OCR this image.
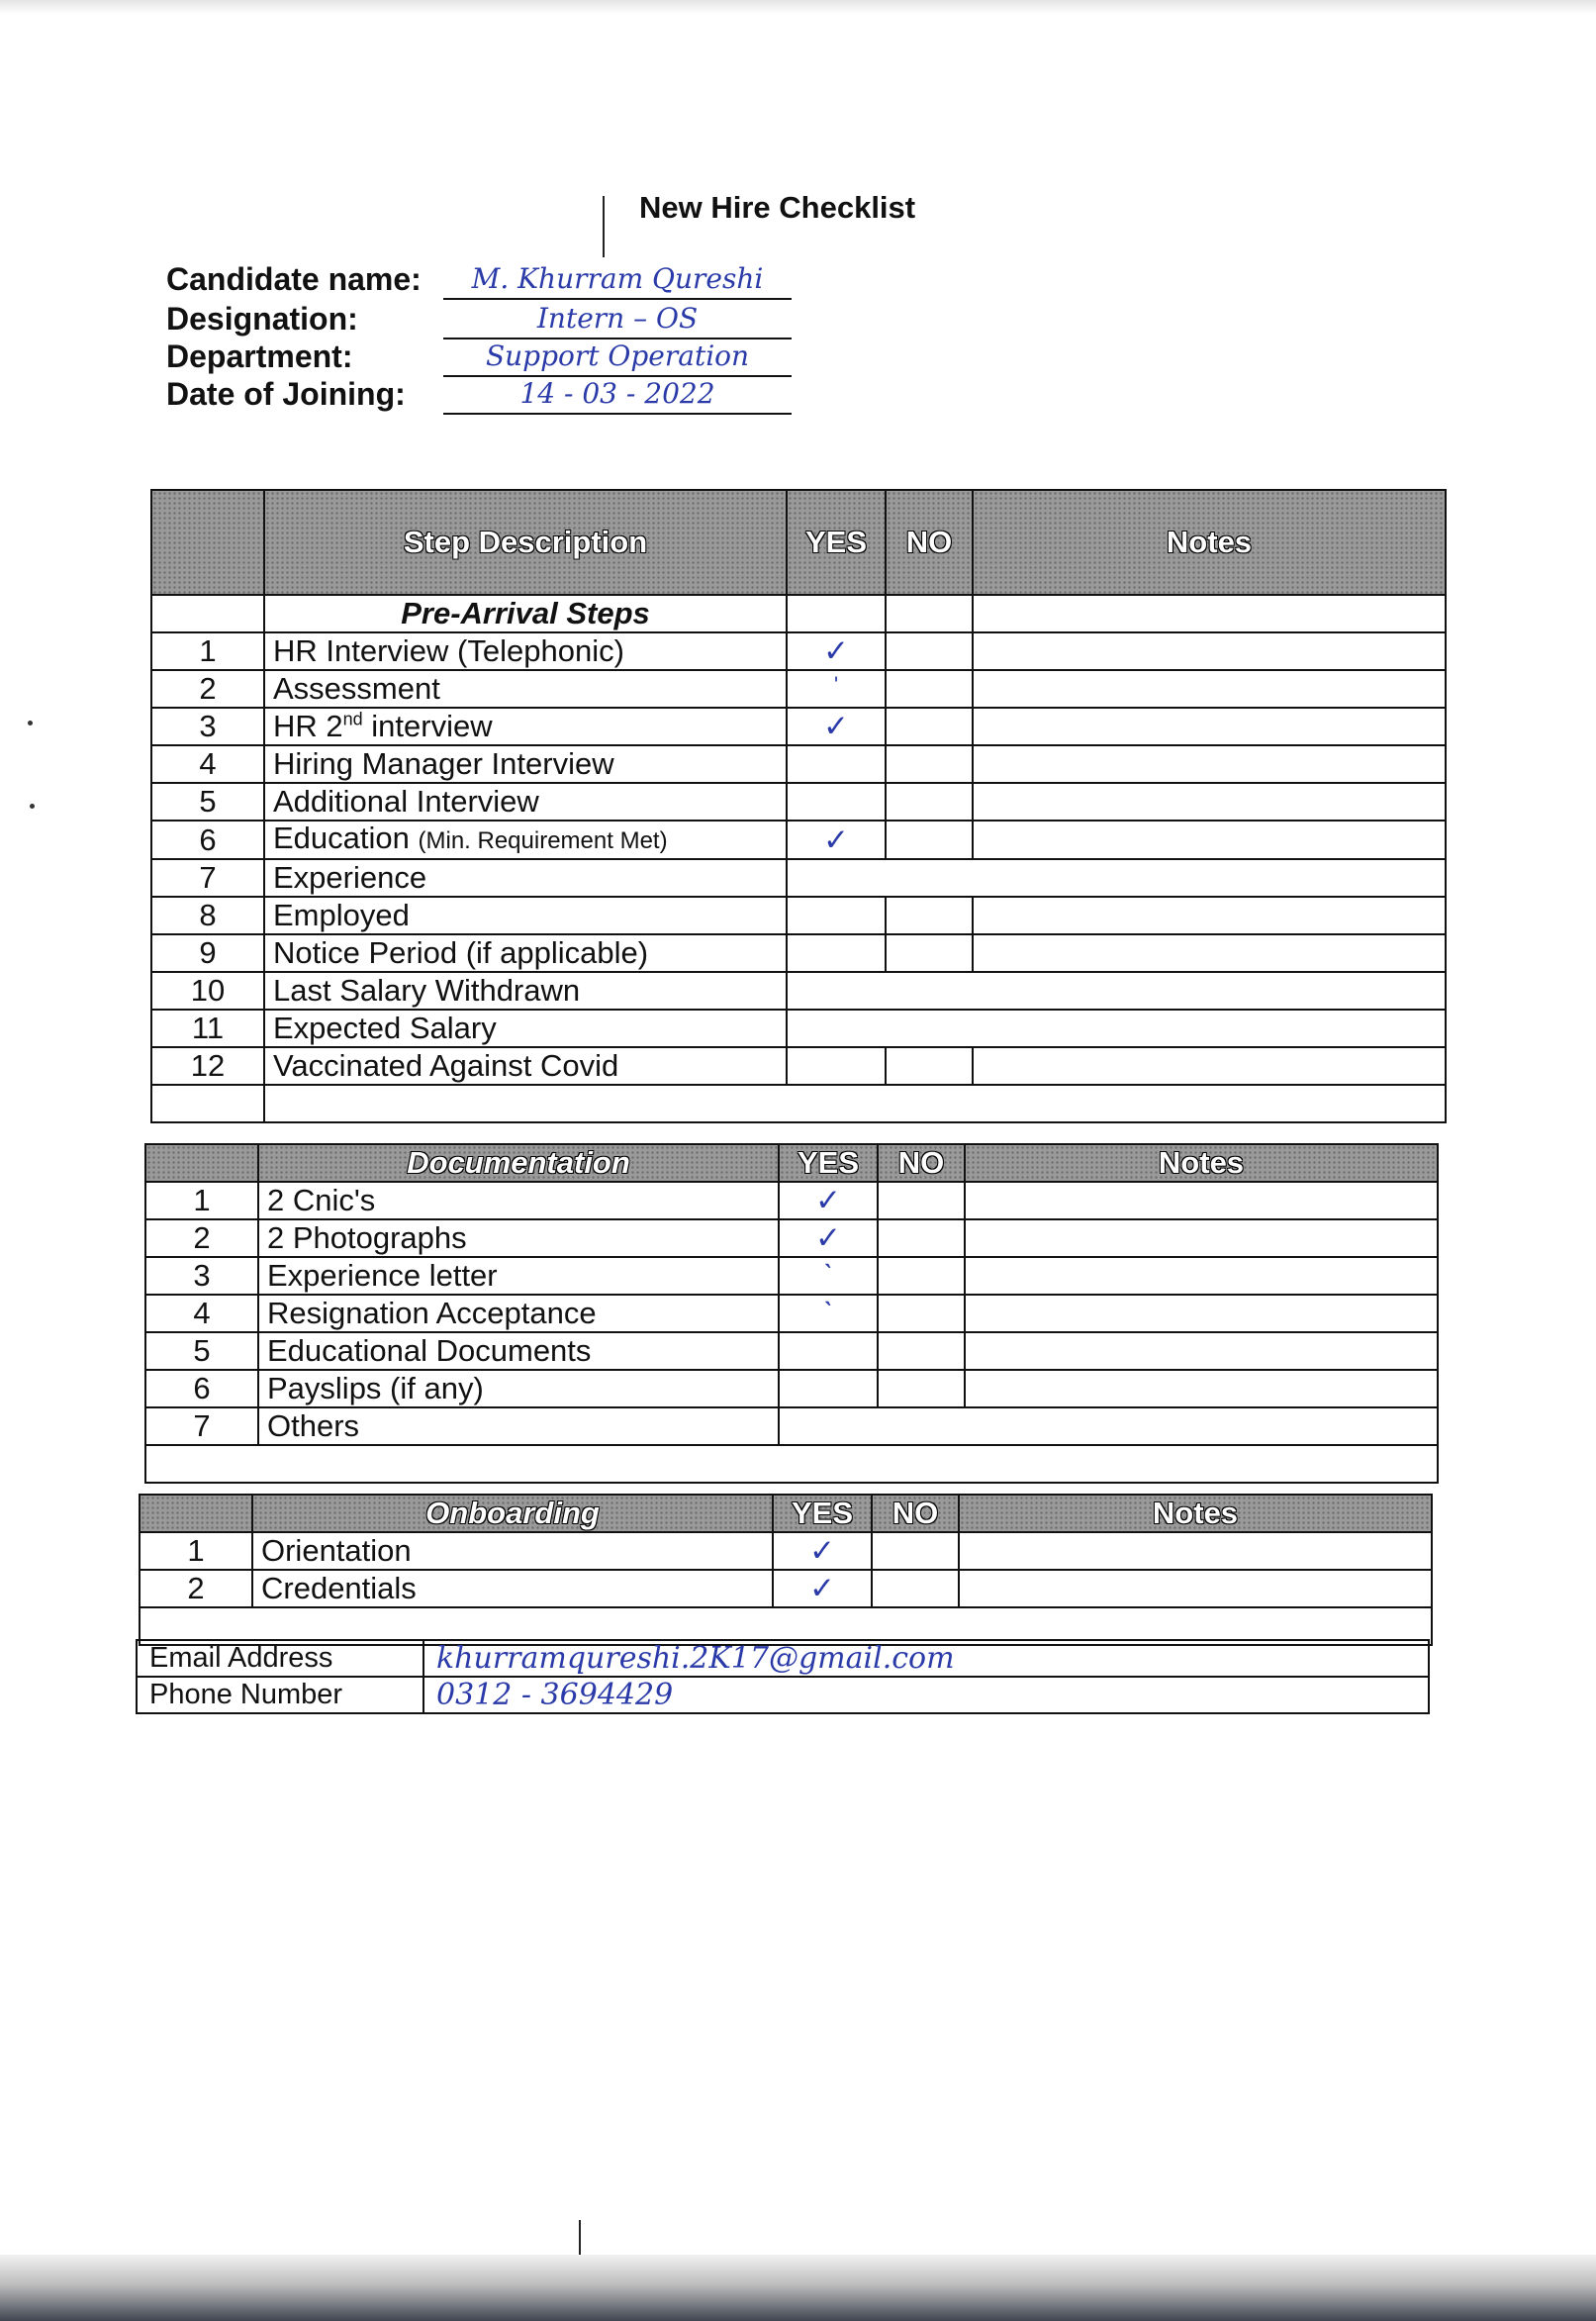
New Hire Checklist
Candidate name:	M. Khurram Qureshi
Designation:	Intern – OS
Department:	Support Operation
Date of Joining:	14 - 03 - 2022
	Step Description	YES	NO	Notes
	Pre-Arrival Steps			
1	HR Interview (Telephonic)	✓		
2	Assessment	ˈ		
3	HR 2nd interview	✓		
4	Hiring Manager Interview			
5	Additional Interview			
6	Education (Min. Requirement Met)	✓		
7	Experience			
8	Employed			
9	Notice Period (if applicable)			
10	Last Salary Withdrawn			
11	Expected Salary			
12	Vaccinated Against Covid			

	Documentation	YES	NO	Notes
1	2 Cnic's	✓		
2	2 Photographs	✓		
3	Experience letter	ˋ		
4	Resignation Acceptance	ˋ		
5	Educational Documents			
6	Payslips (if any)			
7	Others			

	Onboarding	YES	NO	Notes
1	Orientation	✓		
2	Credentials	✓		

Email Address	khurramqureshi.2K17@gmail.com
Phone Number	0312 - 3694429
